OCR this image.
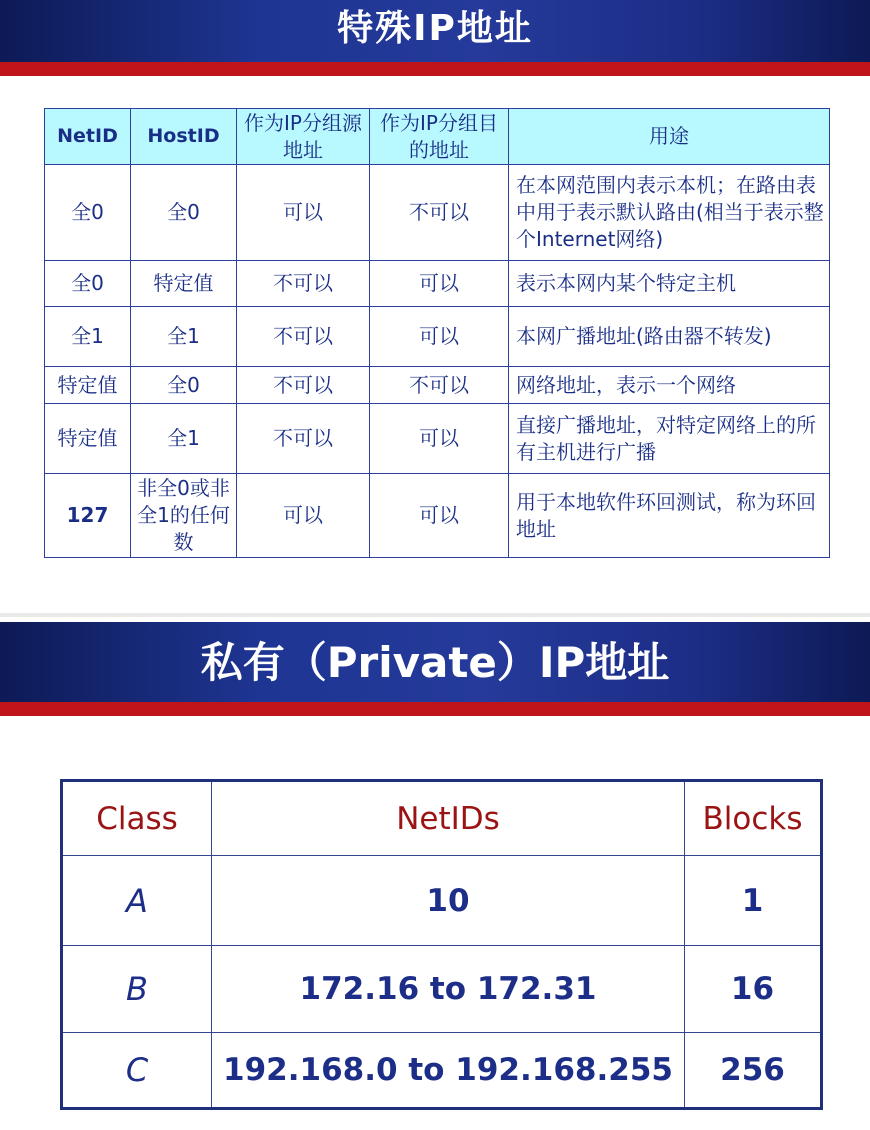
特殊IP地址
NetID	HostID	作为IP分组源地址	作为IP分组目的地址	用途
全0	全0	可以	不可以	在本网范围内表示本机；在路由表中用于表示默认路由(相当于表示整个Internet网络)
全0	特定值	不可以	可以	表示本网内某个特定主机
全1	全1	不可以	可以	本网广播地址(路由器不转发)
特定值	全0	不可以	不可以	网络地址，表示一个网络
特定值	全1	不可以	可以	直接广播地址，对特定网络上的所有主机进行广播
127	非全0或非全1的任何数	可以	可以	用于本地软件环回测试，称为环回地址
私有（Private）IP地址
Class	NetIDs	Blocks
A	10	1
B	172.16 to 172.31	16
C	192.168.0 to 192.168.255	256
